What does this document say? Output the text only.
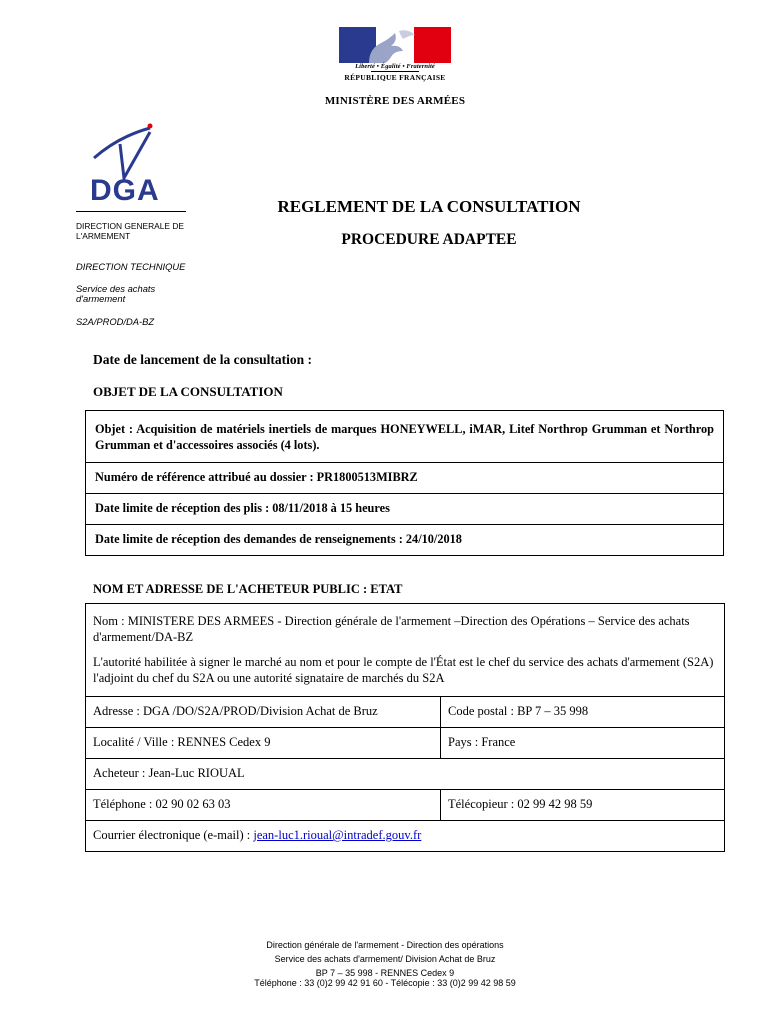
Liberté • Égalité • Fraternité
RÉPUBLIQUE FRANÇAISE
MINISTÈRE DES ARMÉES
DGA
DIRECTION GENERALE DE
L'ARMEMENT
DIRECTION TECHNIQUE
Service des achats
d'armement
S2A/PROD/DA-BZ
REGLEMENT DE LA CONSULTATION
PROCEDURE ADAPTEE
Date de lancement de la consultation :
OBJET DE LA CONSULTATION
Objet : Acquisition de matériels inertiels de marques HONEYWELL, iMAR, Litef Northrop Grumman et Northrop Grumman et d'accessoires associés (4 lots).
Numéro de référence attribué au dossier : PR1800513MIBRZ
Date limite de réception des plis : 08/11/2018 à 15 heures
Date limite de réception des demandes de renseignements : 24/10/2018
NOM ET ADRESSE DE L'ACHETEUR PUBLIC : ETAT

Nom : MINISTERE DES ARMEES - Direction générale de l'armement –Direction des Opérations – Service des achats d'armement/DA-BZ

L'autorité habilitée à signer le marché au nom et pour le compte de l'État est le chef du service des achats d'armement (S2A) l'adjoint du chef du S2A ou une autorité signataire de marchés du S2A

Adresse : DGA /DO/S2A/PROD/Division Achat de Bruz	Code postal : BP 7 – 35 998
Localité / Ville : RENNES Cedex 9	Pays : France
Acheteur : Jean-Luc RIOUAL
Téléphone : 02 90 02 63 03	Télécopieur : 02 99 42 98 59
Courrier électronique (e-mail) : jean-luc1.rioual@intradef.gouv.fr
Direction générale de l'armement - Direction des opérations
Service des achats d'armement/ Division Achat de Bruz
BP 7 – 35 998 - RENNES Cedex 9
Téléphone : 33 (0)2 99 42 91 60 - Télécopie : 33 (0)2 99 42 98 59
